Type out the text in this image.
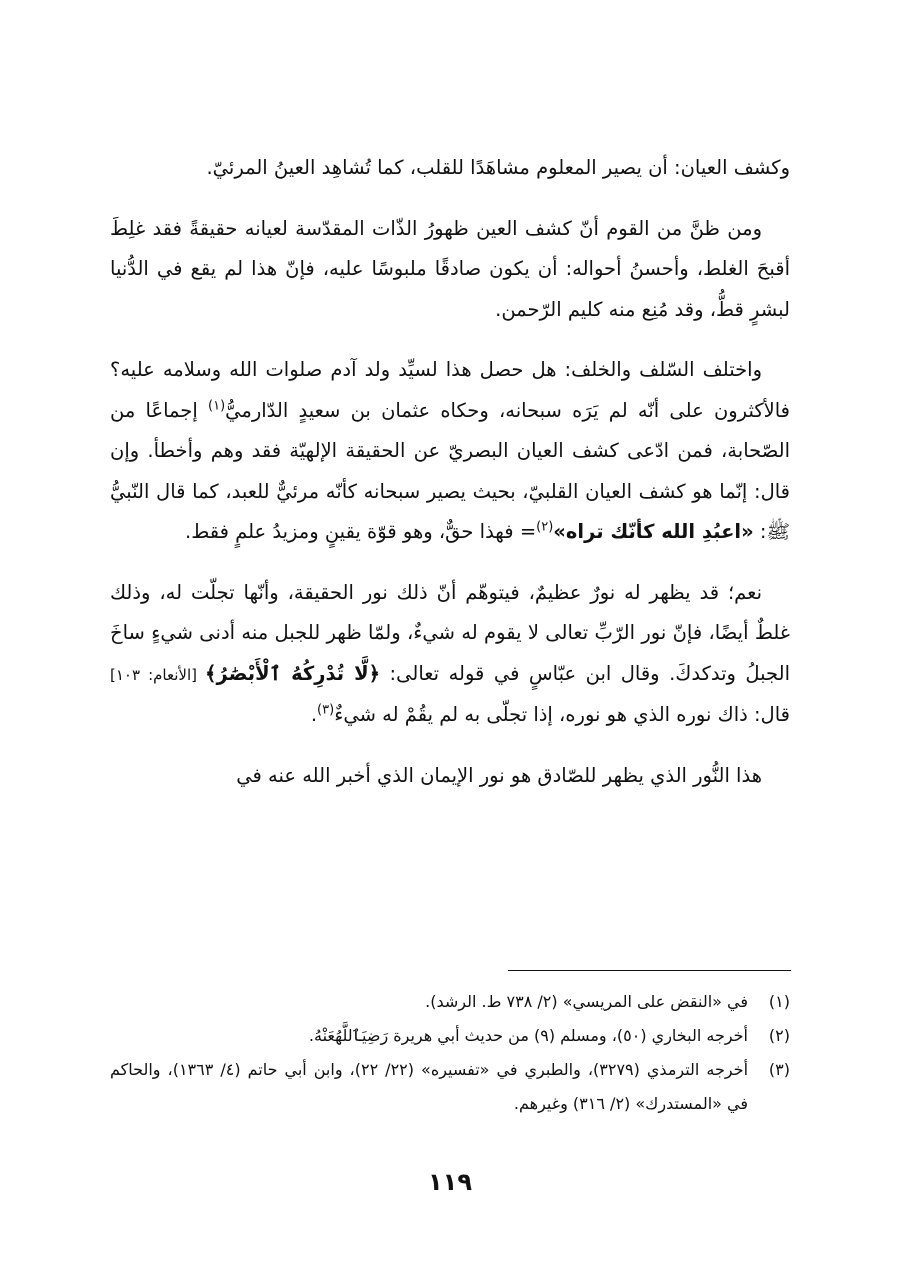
وكشف العيان: أن يصير المعلوم مشاهَدًا للقلب، كما تُشاهِد العينُ المرئيّ.

ومن ظنَّ من القوم أنّ كشف العين ظهورُ الذّات المقدّسة لعيانه حقيقةً فقد غلِطَ أقبحَ الغلط، وأحسنُ أحواله: أن يكون صادقًا ملبوسًا عليه، فإنّ هذا لم يقع في الدُّنيا لبشرٍ قطُّ، وقد مُنِع منه كليم الرّحمن.

واختلف السّلف والخلف: هل حصل هذا لسيِّد ولد آدم صلوات الله وسلامه عليه؟ فالأكثرون على أنّه لم يَرَه سبحانه، وحكاه عثمان بن سعيدٍ الدّارميُّ$^{(١)}$ إجماعًا من الصّحابة، فمن ادّعى كشف العيان البصريّ عن الحقيقة الإلهيّة فقد وهم وأخطأ. وإن قال: إنّما هو كشف العيان القلبيّ، بحيث يصير سبحانه كأنّه مرئيٌّ للعبد، كما قال النّبيُّ ﷺ: «اعبُدِ الله كأنّك تراه»$^{(٢)}$= فهذا حقٌّ، وهو قوّة يقينٍ ومزيدُ علمٍ فقط.

نعم؛ قد يظهر له نورٌ عظيمٌ، فيتوهّم أنّ ذلك نور الحقيقة، وأنّها تجلّت له، وذلك غلطٌ أيضًا، فإنّ نور الرّبِّ تعالى لا يقوم له شيءٌ، ولمّا ظهر للجبل منه أدنى شيءٍ ساخَ الجبلُ وتدكدكَ. وقال ابن عبّاسٍ في قوله تعالى: ﴿لَّا تُدْرِكُهُ ٱلْأَبْصَٰرُ﴾ [الأنعام: ١٠٣] قال: ذاك نوره الذي هو نوره، إذا تجلّى به لم يقُمْ له شيءٌ$^{(٣)}$.

هذا النُّور الذي يظهر للصّادق هو نور الإيمان الذي أخبر الله عنه في

(١)
في «النقض على المريسي» (٢/ ٧٣٨ ط. الرشد).

(٢)
أخرجه البخاري (٥٠)، ومسلم (٩) من حديث أبي هريرة رَضِيَٱللَّهُعَنْهُ.

(٣)
أخرجه الترمذي (٣٢٧٩)، والطبري في «تفسيره» (٢٢/ ٢٢)، وابن أبي حاتم (٤/ ١٣٦٣)، والحاكم في «المستدرك» (٢/ ٣١٦) وغيرهم.

١١٩
